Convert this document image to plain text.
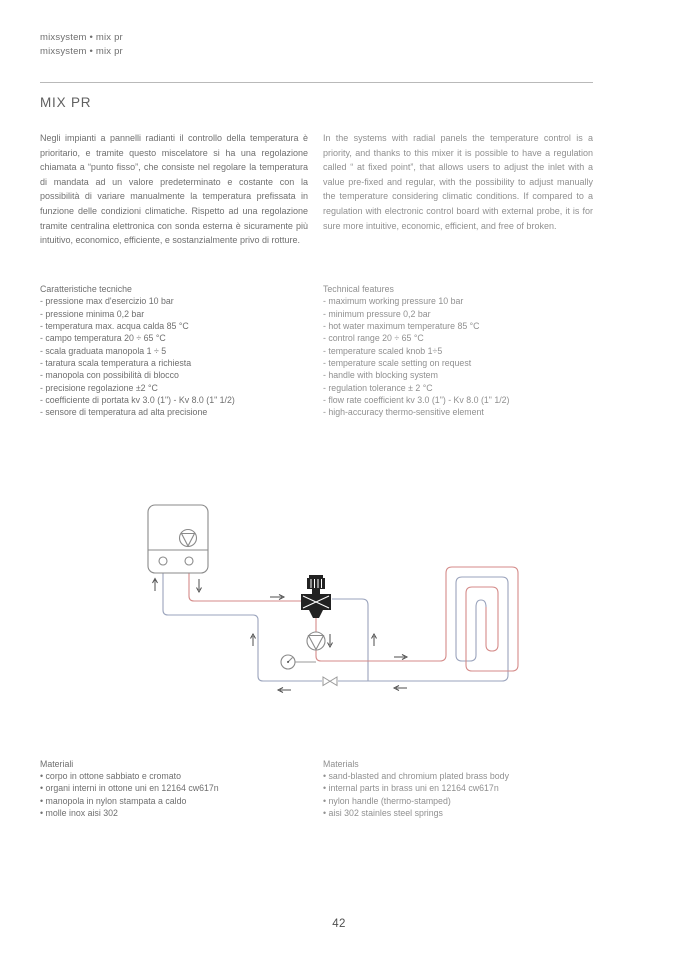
mixsystem • mix pr
mixsystem • mix pr
MIX PR
Negli impianti a pannelli radianti il controllo della temperatura è prioritario, e tramite questo miscelatore si ha una regolazione chiamata a “punto fisso”, che consiste nel regolare la temperatura di mandata ad un valore predeterminato e costante con la possibilità di variare manualmente la temperatura prefissata in funzione delle condizioni climatiche. Rispetto ad una regolazione tramite centralina elettronica con sonda esterna è sicuramente più intuitivo, economico, efficiente, e sostanzialmente privo di rotture.
In the systems with radial panels the temperature control is a priority, and thanks to this mixer it is possible to have a regulation called “ at fixed point”, that allows users to adjust the inlet with a value pre-fixed and regular, with the possibility to adjust manually the temperature considering climatic conditions. If compared to a regulation with electronic control board with external probe, it is for sure more intuitive, economic, efficient, and free of broken.
Caratteristiche tecniche
- pressione max d'esercizio 10 bar
- pressione minima 0,2 bar
- temperatura max. acqua calda 85 °C
- campo temperatura 20 ÷ 65 °C
- scala graduata manopola 1 ÷ 5
- taratura scala temperatura a richiesta
- manopola con possibilità di blocco
- precisione regolazione ±2 °C
- coefficiente di portata kv 3.0 (1") - Kv 8.0 (1" 1/2)
- sensore di temperatura ad alta precisione
Technical features
- maximum working pressure 10 bar
- minimum pressure 0,2 bar
- hot water maximum temperature 85 °C
- control range 20 ÷ 65 °C
- temperature scaled knob 1÷5
- temperature scale setting on request
- handle with blocking system
- regulation tolerance ± 2 °C
- flow rate coefficient kv 3.0 (1") - Kv 8.0 (1" 1/2)
- high-accuracy thermo-sensitive element
Materiali
• corpo in ottone sabbiato e cromato
• organi interni in ottone uni en 12164 cw617n
• manopola in nylon stampata a caldo
• molle inox aisi 302
Materials
• sand-blasted and chromium plated brass body
• internal parts in brass uni en 12164 cw617n
• nylon handle (thermo-stamped)
• aisi 302 stainles steel springs
42
